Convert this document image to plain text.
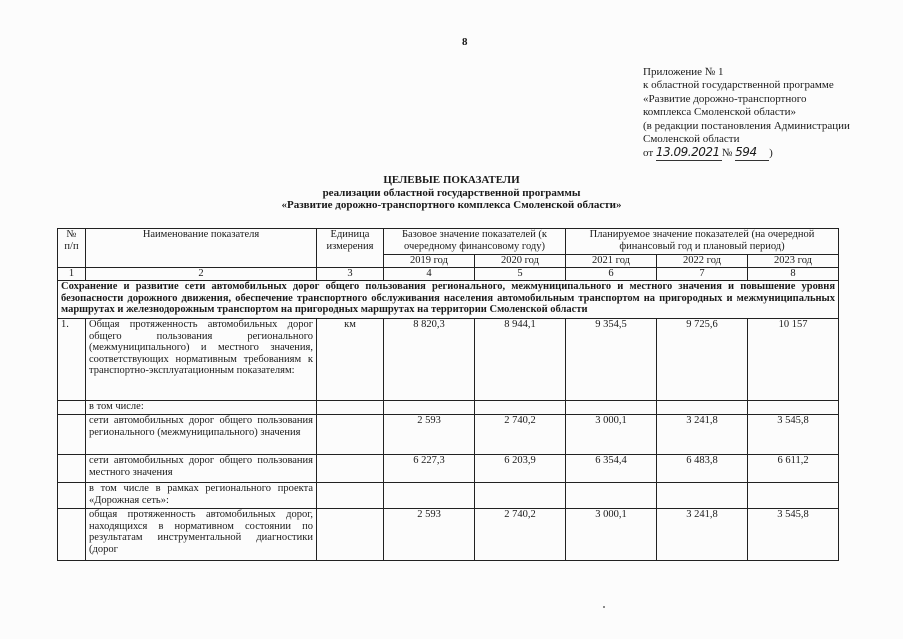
8
Приложение № 1
к областной государственной программе
«Развитие дорожно-транспортного
комплекса Смоленской области»
(в редакции постановления Администрации
Смоленской области
от 13.09.2021 № 594 )
ЦЕЛЕВЫЕ ПОКАЗАТЕЛИ
реализации областной государственной программы
«Развитие дорожно-транспортного комплекса Смоленской области»
№ п/п	Наименование показателя	Единица измерения	Базовое значение показателей (к очередному финансовому году)		Планируемое значение показателей (на очередной финансовый год и плановый период)		
			2019 год	2020 год	2021 год	2022 год	2023 год
1	2	3	4	5	6	7	8
Сохранение и развитие сети автомобильных дорог общего пользования регионального, межмуниципального и местного значения и повышение уровня безопасности дорожного движения, обеспечение транспортного обслуживания населения автомобильным транспортом на пригородных и межмуниципальных маршрутах и железнодорожным транспортом на пригородных маршрутах на территории Смоленской области							
1.	Общая протяженность автомобильных дорог общего пользования регионального (межмуниципального) и местного значения, соответствующих нормативным требованиям к транспортно-эксплуатационным показателям:	км	8 820,3	8 944,1	9 354,5	9 725,6	10 157
	в том числе:						
	сети автомобильных дорог общего пользования регионального (межмуниципального) значения		2 593	2 740,2	3 000,1	3 241,8	3 545,8
	сети автомобильных дорог общего пользования местного значения		6 227,3	6 203,9	6 354,4	6 483,8	6 611,2
	в том числе в рамках регионального проекта «Дорожная сеть»:						
	общая протяженность автомобильных дорог, находящихся в нормативном состоянии по результатам инструментальной диагностики (дорог		2 593	2 740,2	3 000,1	3 241,8	3 545,8
